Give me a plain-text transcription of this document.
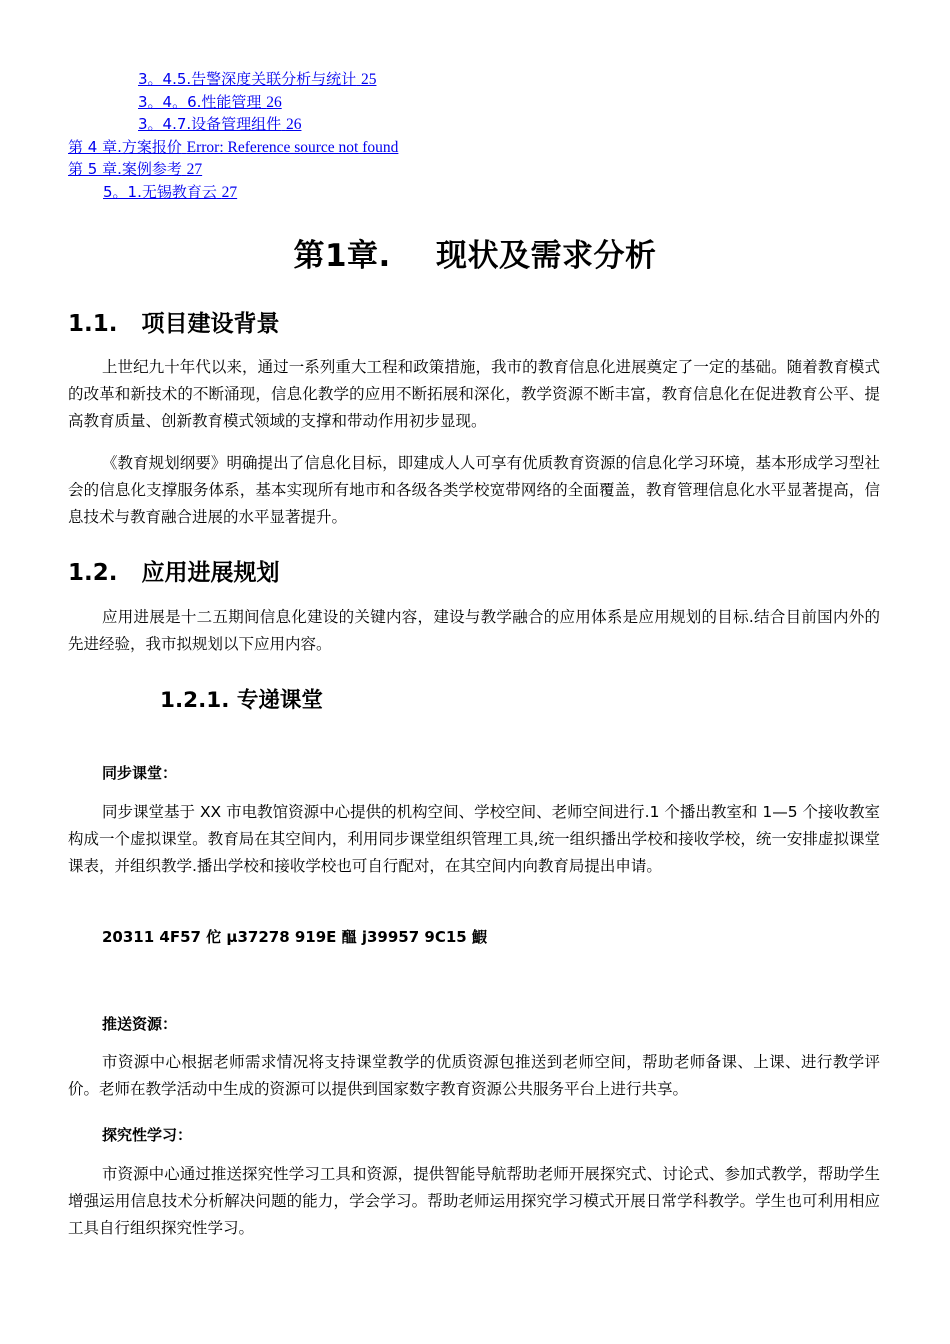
3。4.5.告警深度关联分析与统计 25
3。4。6.性能管理 26
3。4.7.设备管理组件 26
第 4 章.方案报价 Error: Reference source not found
第 5 章.案例参考 27
5。1.无锡教育云 27
第1章.    现状及需求分析
1.1.   项目建设背景
上世纪九十年代以来，通过一系列重大工程和政策措施，我市的教育信息化进展奠定了一定的基础。随着教育模式的改革和新技术的不断涌现，信息化教学的应用不断拓展和深化，教学资源不断丰富，教育信息化在促进教育公平、提高教育质量、创新教育模式领域的支撑和带动作用初步显现。
《教育规划纲要》明确提出了信息化目标，即建成人人可享有优质教育资源的信息化学习环境，基本形成学习型社会的信息化支撑服务体系，基本实现所有地市和各级各类学校宽带网络的全面覆盖，教育管理信息化水平显著提高，信息技术与教育融合进展的水平显著提升。
1.2.   应用进展规划
应用进展是十二五期间信息化建设的关键内容，建设与教学融合的应用体系是应用规划的目标.结合目前国内外的先进经验，我市拟规划以下应用内容。
1.2.1. 专递课堂
同步课堂：
同步课堂基于 XX 市电教馆资源中心提供的机构空间、学校空间、老师空间进行.1 个播出教室和 1—5 个接收教室构成一个虚拟课堂。教育局在其空间内，利用同步课堂组织管理工具,统一组织播出学校和接收学校，统一安排虚拟课堂课表，并组织教学.播出学校和接收学校也可自行配对，在其空间内向教育局提出申请。
20311 4F57 佗 µ37278 919E 醞 j39957 9C15 鰕
推送资源：
市资源中心根据老师需求情况将支持课堂教学的优质资源包推送到老师空间，帮助老师备课、上课、进行教学评价。老师在教学活动中生成的资源可以提供到国家数字教育资源公共服务平台上进行共享。
探究性学习：
市资源中心通过推送探究性学习工具和资源，提供智能导航帮助老师开展探究式、讨论式、参加式教学，帮助学生增强运用信息技术分析解决问题的能力，学会学习。帮助老师运用探究学习模式开展日常学科教学。学生也可利用相应工具自行组织探究性学习。
